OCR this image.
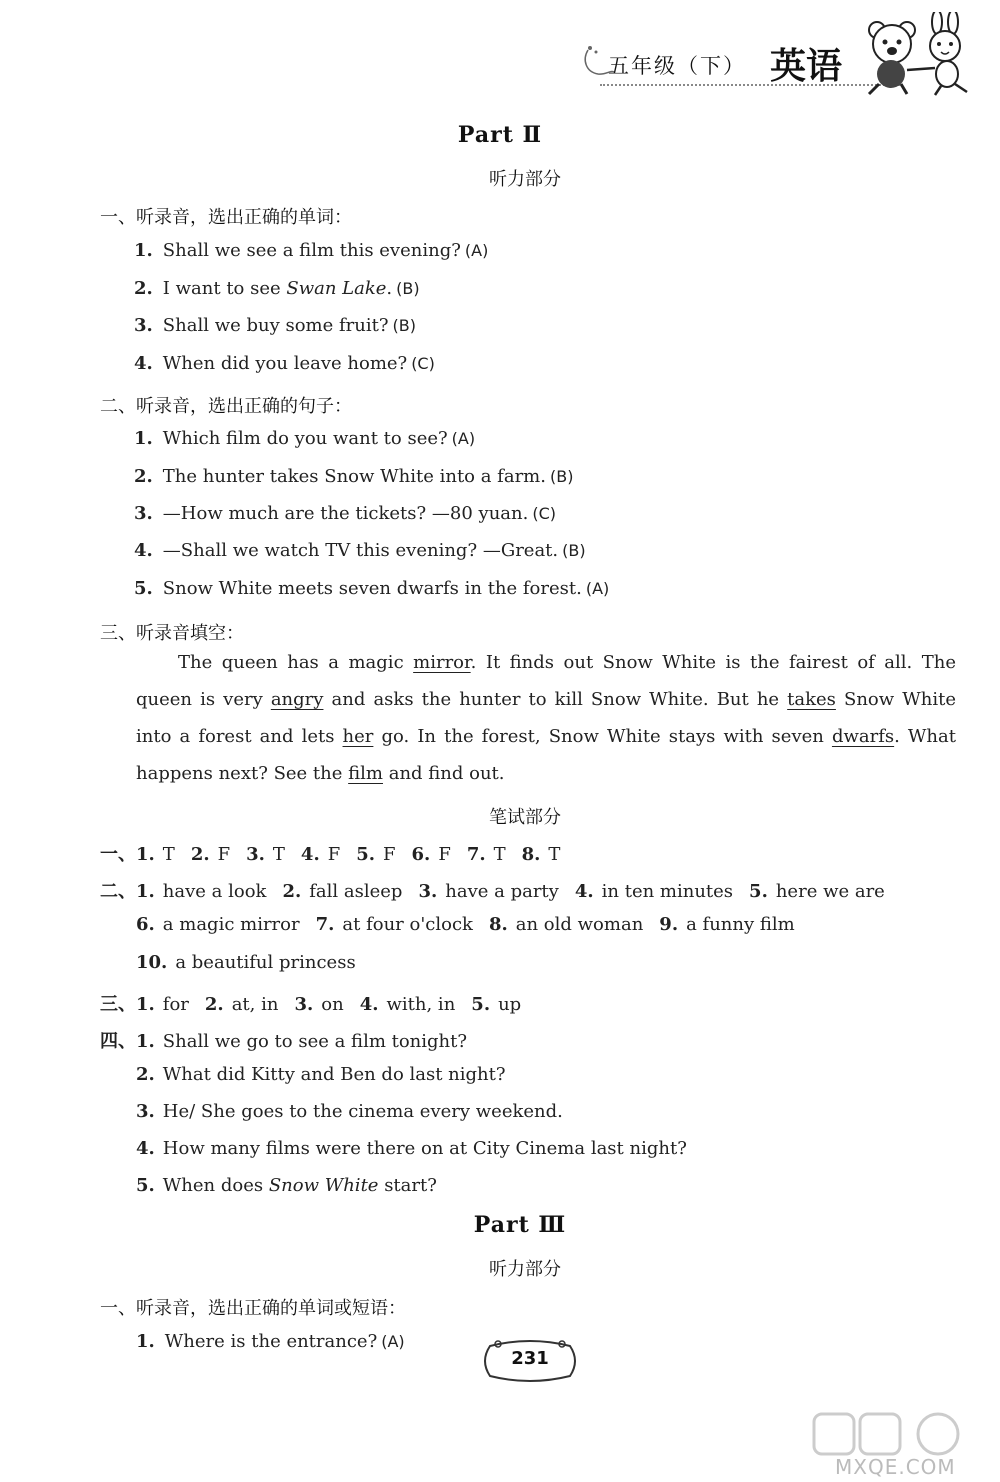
五年级（下） 英语
Part Ⅱ
听力部分
一、听录音，选出正确的单词：
1. Shall we see a film this evening? (A)
2. I want to see Swan Lake. (B)
3. Shall we buy some fruit? (B)
4. When did you leave home? (C)
二、听录音，选出正确的句子：
1. Which film do you want to see? (A)
2. The hunter takes Snow White into a farm. (B)
3. —How much are the tickets? —80 yuan. (C)
4. —Shall we watch TV this evening? —Great. (B)
5. Snow White meets seven dwarfs in the forest. (A)
三、听录音填空：

The queen has a magic mirror. It finds out Snow White is the fairest of all. The queen is very angry and asks the hunter to kill Snow White. But he takes Snow White into a forest and lets her go. In the forest, Snow White stays with seven dwarfs. What happens next? See the film and find out.

笔试部分
一、1. T 2. F 3. T 4. F 5. F 6. F 7. T 8. T
二、1. have a look 2. fall asleep 3. have a party 4. in ten minutes 5. here we are
6. a magic mirror 7. at four o'clock 8. an old woman 9. a funny film
10. a beautiful princess
三、1. for 2. at, in 3. on 4. with, in 5. up
四、1. Shall we go to see a film tonight?
2. What did Kitty and Ben do last night?
3. He/ She goes to the cinema every weekend.
4. How many films were there on at City Cinema last night?
5. When does Snow White start?
Part Ⅲ
听力部分
一、听录音，选出正确的单词或短语：
1. Where is the entrance? (A)
231
MXQE.COM
